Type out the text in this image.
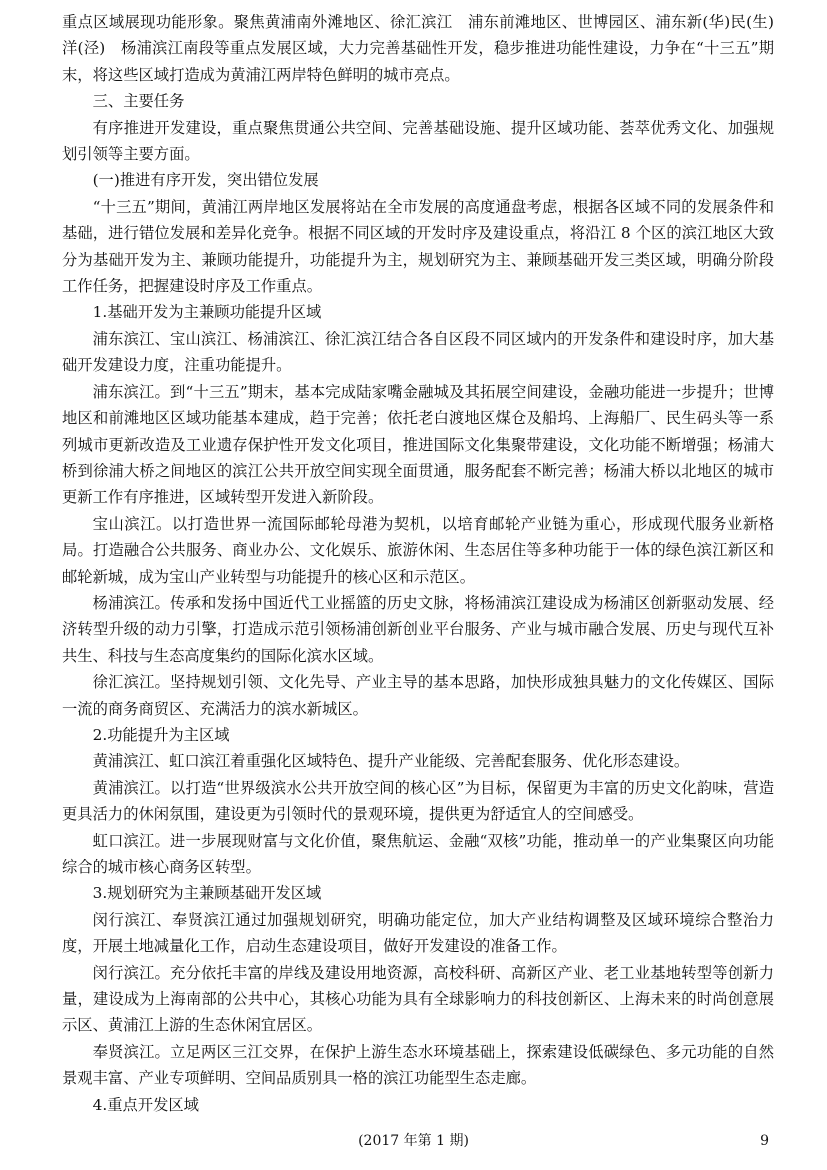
重点区域展现功能形象。聚焦黄浦南外滩地区、徐汇滨江　浦东前滩地区、世博园区、浦东新(华)民(生)洋(泾)　杨浦滨江南段等重点发展区域，大力完善基础性开发，稳步推进功能性建设，力争在“十三五”期末，将这些区域打造成为黄浦江两岸特色鲜明的城市亮点。

三、主要任务

有序推进开发建设，重点聚焦贯通公共空间、完善基础设施、提升区域功能、荟萃优秀文化、加强规划引领等主要方面。

(一)推进有序开发，突出错位发展

“十三五”期间，黄浦江两岸地区发展将站在全市发展的高度通盘考虑，根据各区域不同的发展条件和基础，进行错位发展和差异化竞争。根据不同区域的开发时序及建设重点，将沿江 8 个区的滨江地区大致分为基础开发为主、兼顾功能提升，功能提升为主，规划研究为主、兼顾基础开发三类区域，明确分阶段工作任务，把握建设时序及工作重点。

1.基础开发为主兼顾功能提升区域

浦东滨江、宝山滨江、杨浦滨江、徐汇滨江结合各自区段不同区域内的开发条件和建设时序，加大基础开发建设力度，注重功能提升。

浦东滨江。到“十三五”期末，基本完成陆家嘴金融城及其拓展空间建设，金融功能进一步提升；世博地区和前滩地区区域功能基本建成，趋于完善；依托老白渡地区煤仓及船坞、上海船厂、民生码头等一系列城市更新改造及工业遗存保护性开发文化项目，推进国际文化集聚带建设，文化功能不断增强；杨浦大桥到徐浦大桥之间地区的滨江公共开放空间实现全面贯通，服务配套不断完善；杨浦大桥以北地区的城市更新工作有序推进，区域转型开发进入新阶段。

宝山滨江。以打造世界一流国际邮轮母港为契机，以培育邮轮产业链为重心，形成现代服务业新格局。打造融合公共服务、商业办公、文化娱乐、旅游休闲、生态居住等多种功能于一体的绿色滨江新区和邮轮新城，成为宝山产业转型与功能提升的核心区和示范区。

杨浦滨江。传承和发扬中国近代工业摇篮的历史文脉，将杨浦滨江建设成为杨浦区创新驱动发展、经济转型升级的动力引擎，打造成示范引领杨浦创新创业平台服务、产业与城市融合发展、历史与现代互补共生、科技与生态高度集约的国际化滨水区域。

徐汇滨江。坚持规划引领、文化先导、产业主导的基本思路，加快形成独具魅力的文化传媒区、国际一流的商务商贸区、充满活力的滨水新城区。

2.功能提升为主区域

黄浦滨江、虹口滨江着重强化区域特色、提升产业能级、完善配套服务、优化形态建设。

黄浦滨江。以打造“世界级滨水公共开放空间的核心区”为目标，保留更为丰富的历史文化韵味，营造更具活力的休闲氛围，建设更为引领时代的景观环境，提供更为舒适宜人的空间感受。

虹口滨江。进一步展现财富与文化价值，聚焦航运、金融“双核”功能，推动单一的产业集聚区向功能综合的城市核心商务区转型。

3.规划研究为主兼顾基础开发区域

闵行滨江、奉贤滨江通过加强规划研究，明确功能定位，加大产业结构调整及区域环境综合整治力度，开展土地减量化工作，启动生态建设项目，做好开发建设的准备工作。

闵行滨江。充分依托丰富的岸线及建设用地资源，高校科研、高新区产业、老工业基地转型等创新力量，建设成为上海南部的公共中心，其核心功能为具有全球影响力的科技创新区、上海未来的时尚创意展示区、黄浦江上游的生态休闲宜居区。

奉贤滨江。立足两区三江交界，在保护上游生态水环境基础上，探索建设低碳绿色、多元功能的自然景观丰富、产业专项鲜明、空间品质别具一格的滨江功能型生态走廊。

4.重点开发区域

(2017 年第 1 期)	9
